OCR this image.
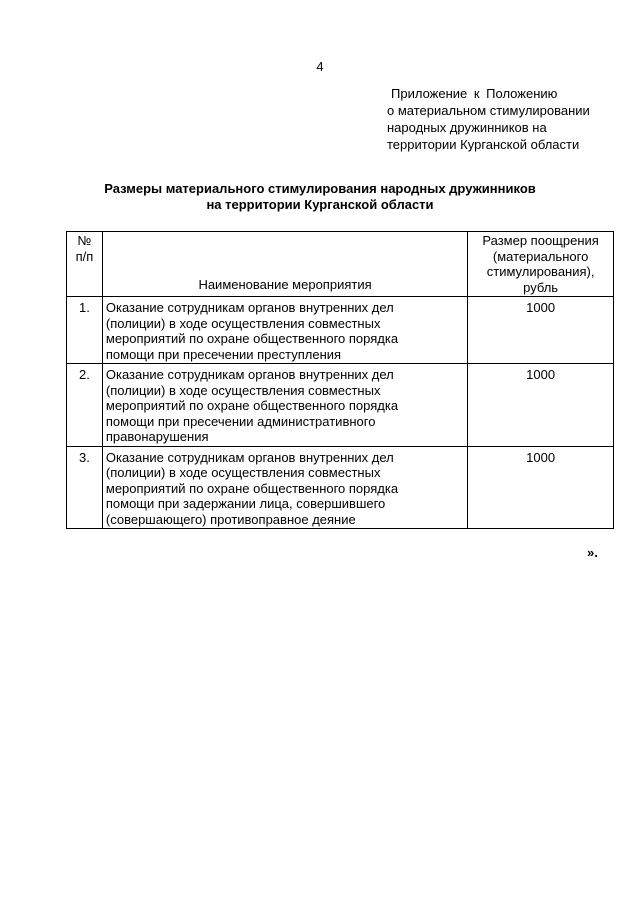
4
Приложение к Положению
о материальном стимулировании
народных дружинников на
территории Курганской области
Размеры материального стимулирования народных дружинников
на территории Курганской области
№
п/п	Наименование мероприятия	Размер поощрения
(материального
стимулирования),
рубль

1.	Оказание сотрудникам органов внутренних дел
(полиции) в ходе осуществления совместных
мероприятий по охране общественного порядка
помощи при пресечении преступления	1000
2.	Оказание сотрудникам органов внутренних дел
(полиции) в ходе осуществления совместных
мероприятий по охране общественного порядка
помощи при пресечении административного
правонарушения	1000
3.	Оказание сотрудникам органов внутренних дел
(полиции) в ходе осуществления совместных
мероприятий по охране общественного порядка
помощи при задержании лица, совершившего
(совершающего) противоправное деяние	1000
».
